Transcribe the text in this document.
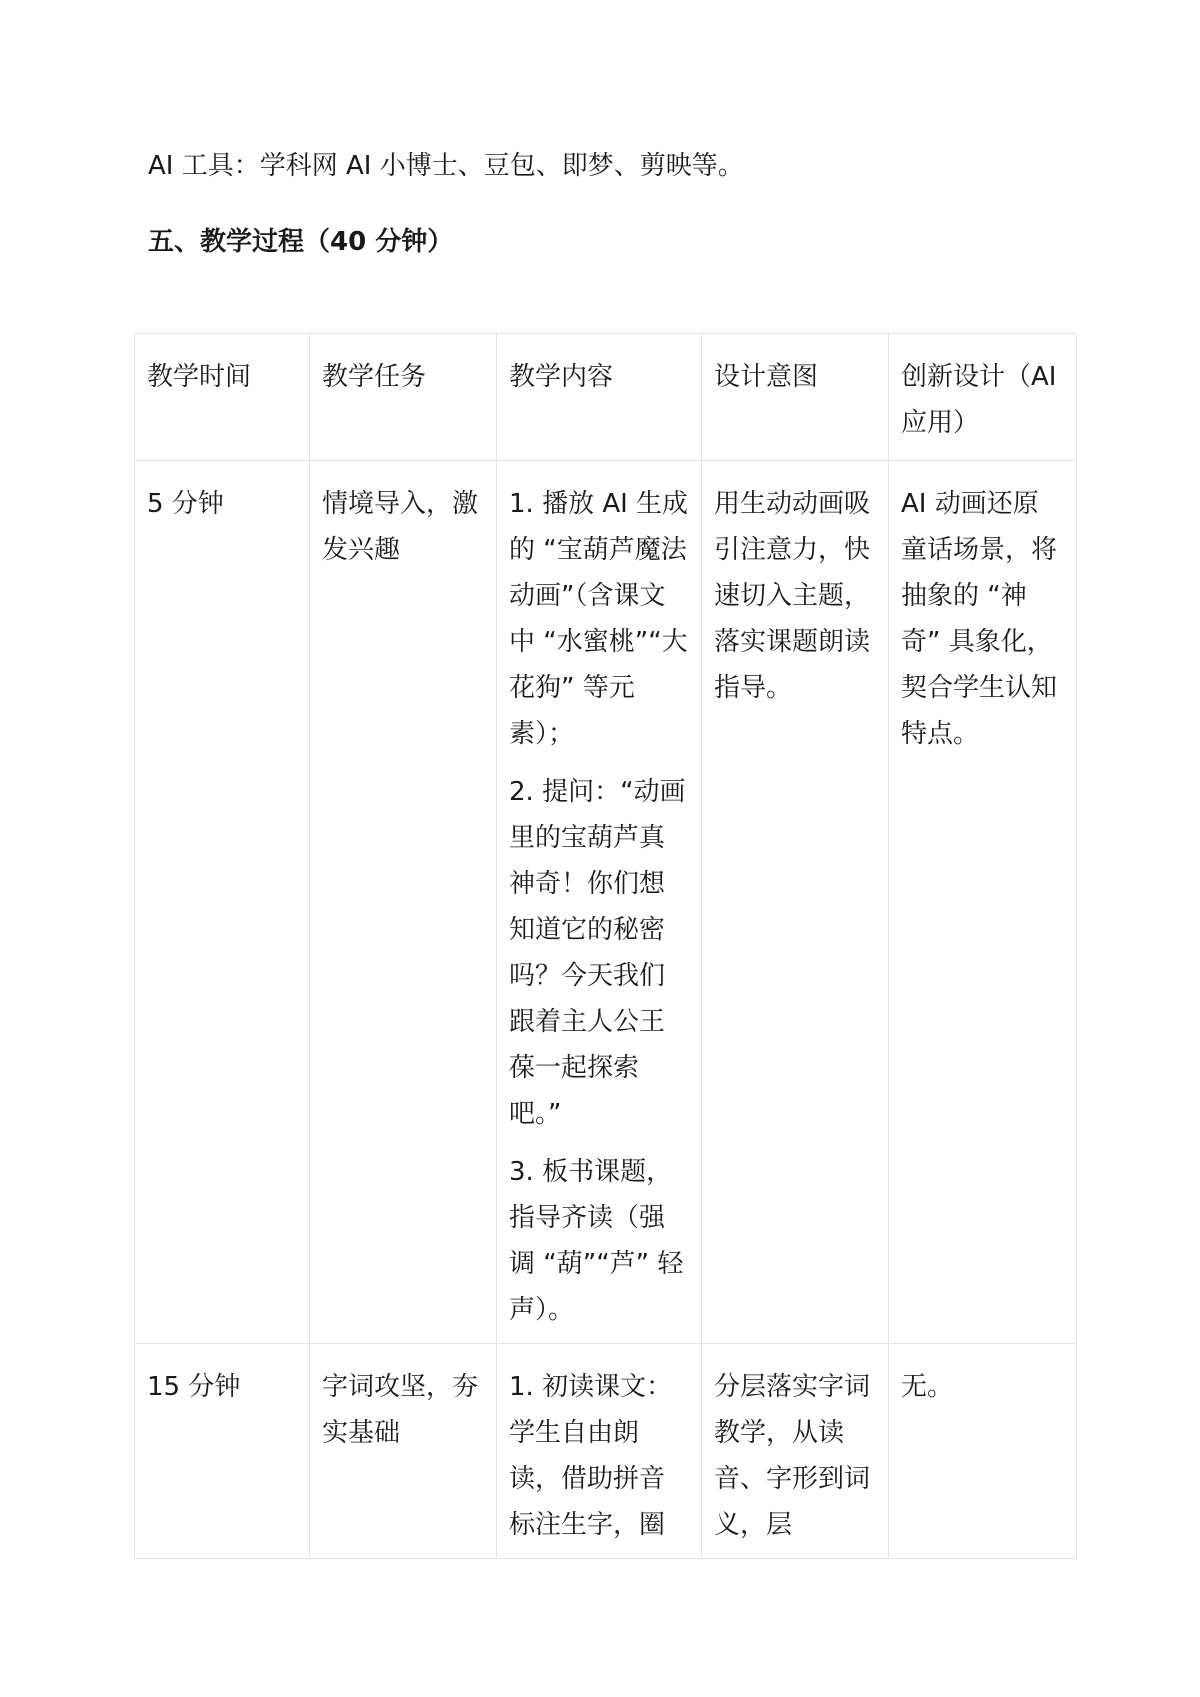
AI 工具：学科网 AI 小博士、豆包、即梦、剪映等。
五、教学过程（40 分钟）
教学时间	教学任务	教学内容	设计意图	创新设计（AI 应用）
5 分钟	情境导入，激发兴趣	1. 播放 AI 生成的 “宝葫芦魔法动画”（含课文中 “水蜜桃”“大花狗” 等元素）；

2. 提问：“动画里的宝葫芦真神奇！你们想知道它的秘密吗？今天我们跟着主人公王葆一起探索吧。”

3. 板书课题，指导齐读（强调 “葫”“芦” 轻声）。	用生动动画吸引注意力，快速切入主题，落实课题朗读指导。	AI 动画还原童话场景，将抽象的 “神奇” 具象化，契合学生认知特点。

15 分钟	字词攻坚，夯实基础	1. 初读课文：学生自由朗读，借助拼音标注生字，圈	分层落实字词教学，从读音、字形到词义，层	无。
